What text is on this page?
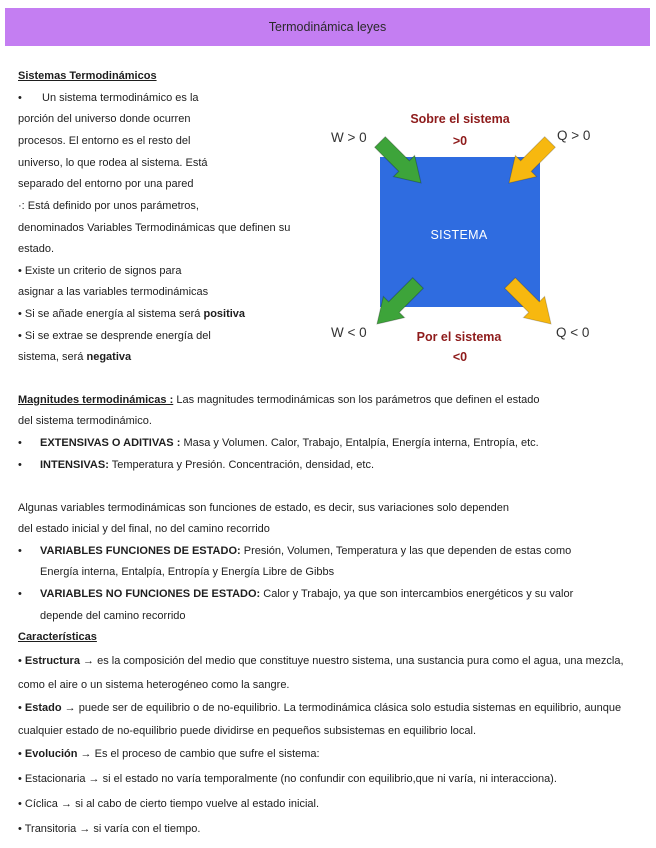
Termodinámica leyes
Sistemas Termodinámicos
• Un sistema termodinámico es la
porción del universo donde ocurren
procesos. El entorno es el resto del
universo, lo que rodea al sistema. Está
separado del entorno por una pared
·: Está definido por unos parámetros,
denominados Variables Termodinámicas que definen su
estado.
• Existe un criterio de signos para
asignar a las variables termodinámicas
• Si se añade energía al sistema será positiva
• Si se extrae se desprende energía del
sistema, será negativa
SISTEMA
W > 0	Q > 0
W < 0	Q < 0
Sobre el sistema
>0
Por el sistema
<0
Magnitudes termodinámicas : Las magnitudes termodinámicas son los parámetros que definen el estado
del sistema termodinámico.
• EXTENSIVAS O ADITIVAS : Masa y Volumen. Calor, Trabajo, Entalpía, Energía interna, Entropía, etc.
• INTENSIVAS: Temperatura y Presión. Concentración, densidad, etc.
Algunas variables termodinámicas son funciones de estado, es decir, sus variaciones solo dependen
del estado inicial y del final, no del camino recorrido
• VARIABLES FUNCIONES DE ESTADO: Presión, Volumen, Temperatura y las que dependen de estas como
Energía interna, Entalpía, Entropía y Energía Libre de Gibbs
• VARIABLES NO FUNCIONES DE ESTADO: Calor y Trabajo, ya que son intercambios energéticos y su valor
depende del camino recorrido
Características
• Estructura → es la composición del medio que constituye nuestro sistema, una sustancia pura como el agua, una mezcla,
como el aire o un sistema heterogéneo como la sangre.
• Estado → puede ser de equilibrio o de no-equilibrio. La termodinámica clásica solo estudia sistemas en equilibrio, aunque
cualquier estado de no-equilibrio puede dividirse en pequeños subsistemas en equilibrio local.
• Evolución → Es el proceso de cambio que sufre el sistema:
• Estacionaria → si el estado no varía temporalmente (no confundir con equilibrio,que ni varía, ni interacciona).
• Cíclica → si al cabo de cierto tiempo vuelve al estado inicial.
• Transitoria → si varía con el tiempo.
